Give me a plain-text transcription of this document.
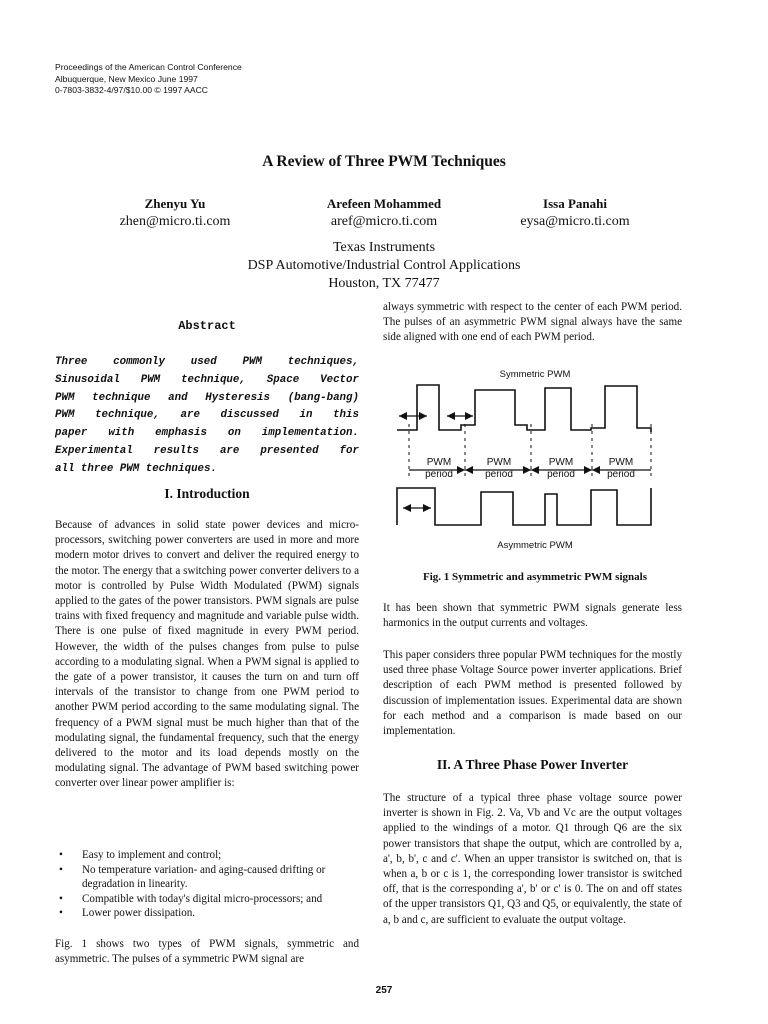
Proceedings of the American Control Conference
Albuquerque, New Mexico June 1997
0-7803-3832-4/97/$10.00 © 1997 AACC
A Review of Three PWM Techniques
Zhenyu Yu
zhen@micro.ti.com
Arefeen Mohammed
aref@micro.ti.com
Issa Panahi
eysa@micro.ti.com
Texas Instruments
DSP Automotive/Industrial Control Applications
Houston, TX 77477
Abstract
Three commonly used PWM techniques,
Sinusoidal PWM technique, Space Vector
PWM technique and Hysteresis (bang-bang)
PWM technique, are discussed in this
paper with emphasis on implementation.
Experimental results are presented for
all three PWM techniques.
I. Introduction
Because of advances in solid state power devices and micro-processors, switching power converters are used in more and more modern motor drives to convert and deliver the required energy to the motor. The energy that a switching power converter delivers to a motor is controlled by Pulse Width Modulated (PWM) signals applied to the gates of the power transistors. PWM signals are pulse trains with fixed frequency and magnitude and variable pulse width. There is one pulse of fixed magnitude in every PWM period. However, the width of the pulses changes from pulse to pulse according to a modulating signal. When a PWM signal is applied to the gate of a power transistor, it causes the turn on and turn off intervals of the transistor to change from one PWM period to another PWM period according to the same modulating signal. The frequency of a PWM signal must be much higher than that of the modulating signal, the fundamental frequency, such that the energy delivered to the motor and its load depends mostly on the modulating signal. The advantage of PWM based switching power converter over linear power amplifier is:
• Easy to implement and control;
• No temperature variation- and aging-caused drifting or degradation in linearity.
• Compatible with today's digital micro-processors; and
• Lower power dissipation.
Fig. 1 shows two types of PWM signals, symmetric and asymmetric. The pulses of a symmetric PWM signal are
always symmetric with respect to the center of each PWM period. The pulses of an asymmetric PWM signal always have the same side aligned with one end of each PWM period.
Symmetric PWM
PWM
period
PWM
period
PWM
period
PWM
period
Asymmetric PWM
Fig. 1 Symmetric and asymmetric PWM signals
It has been shown that symmetric PWM signals generate less harmonics in the output currents and voltages.
This paper considers three popular PWM techniques for the mostly used three phase Voltage Source power inverter applications. Brief description of each PWM method is presented followed by discussion of implementation issues. Experimental data are shown for each method and a comparison is made based on our implementation.
II. A Three Phase Power Inverter
The structure of a typical three phase voltage source power inverter is shown in Fig. 2. Va, Vb and Vc are the output voltages applied to the windings of a motor. Q1 through Q6 are the six power transistors that shape the output, which are controlled by a, a', b, b', c and c'. When an upper transistor is switched on, that is when a, b or c is 1, the corresponding lower transistor is switched off, that is the corresponding a', b' or c' is 0. The on and off states of the upper transistors Q1, Q3 and Q5, or equivalently, the state of a, b and c, are sufficient to evaluate the output voltage.
257
